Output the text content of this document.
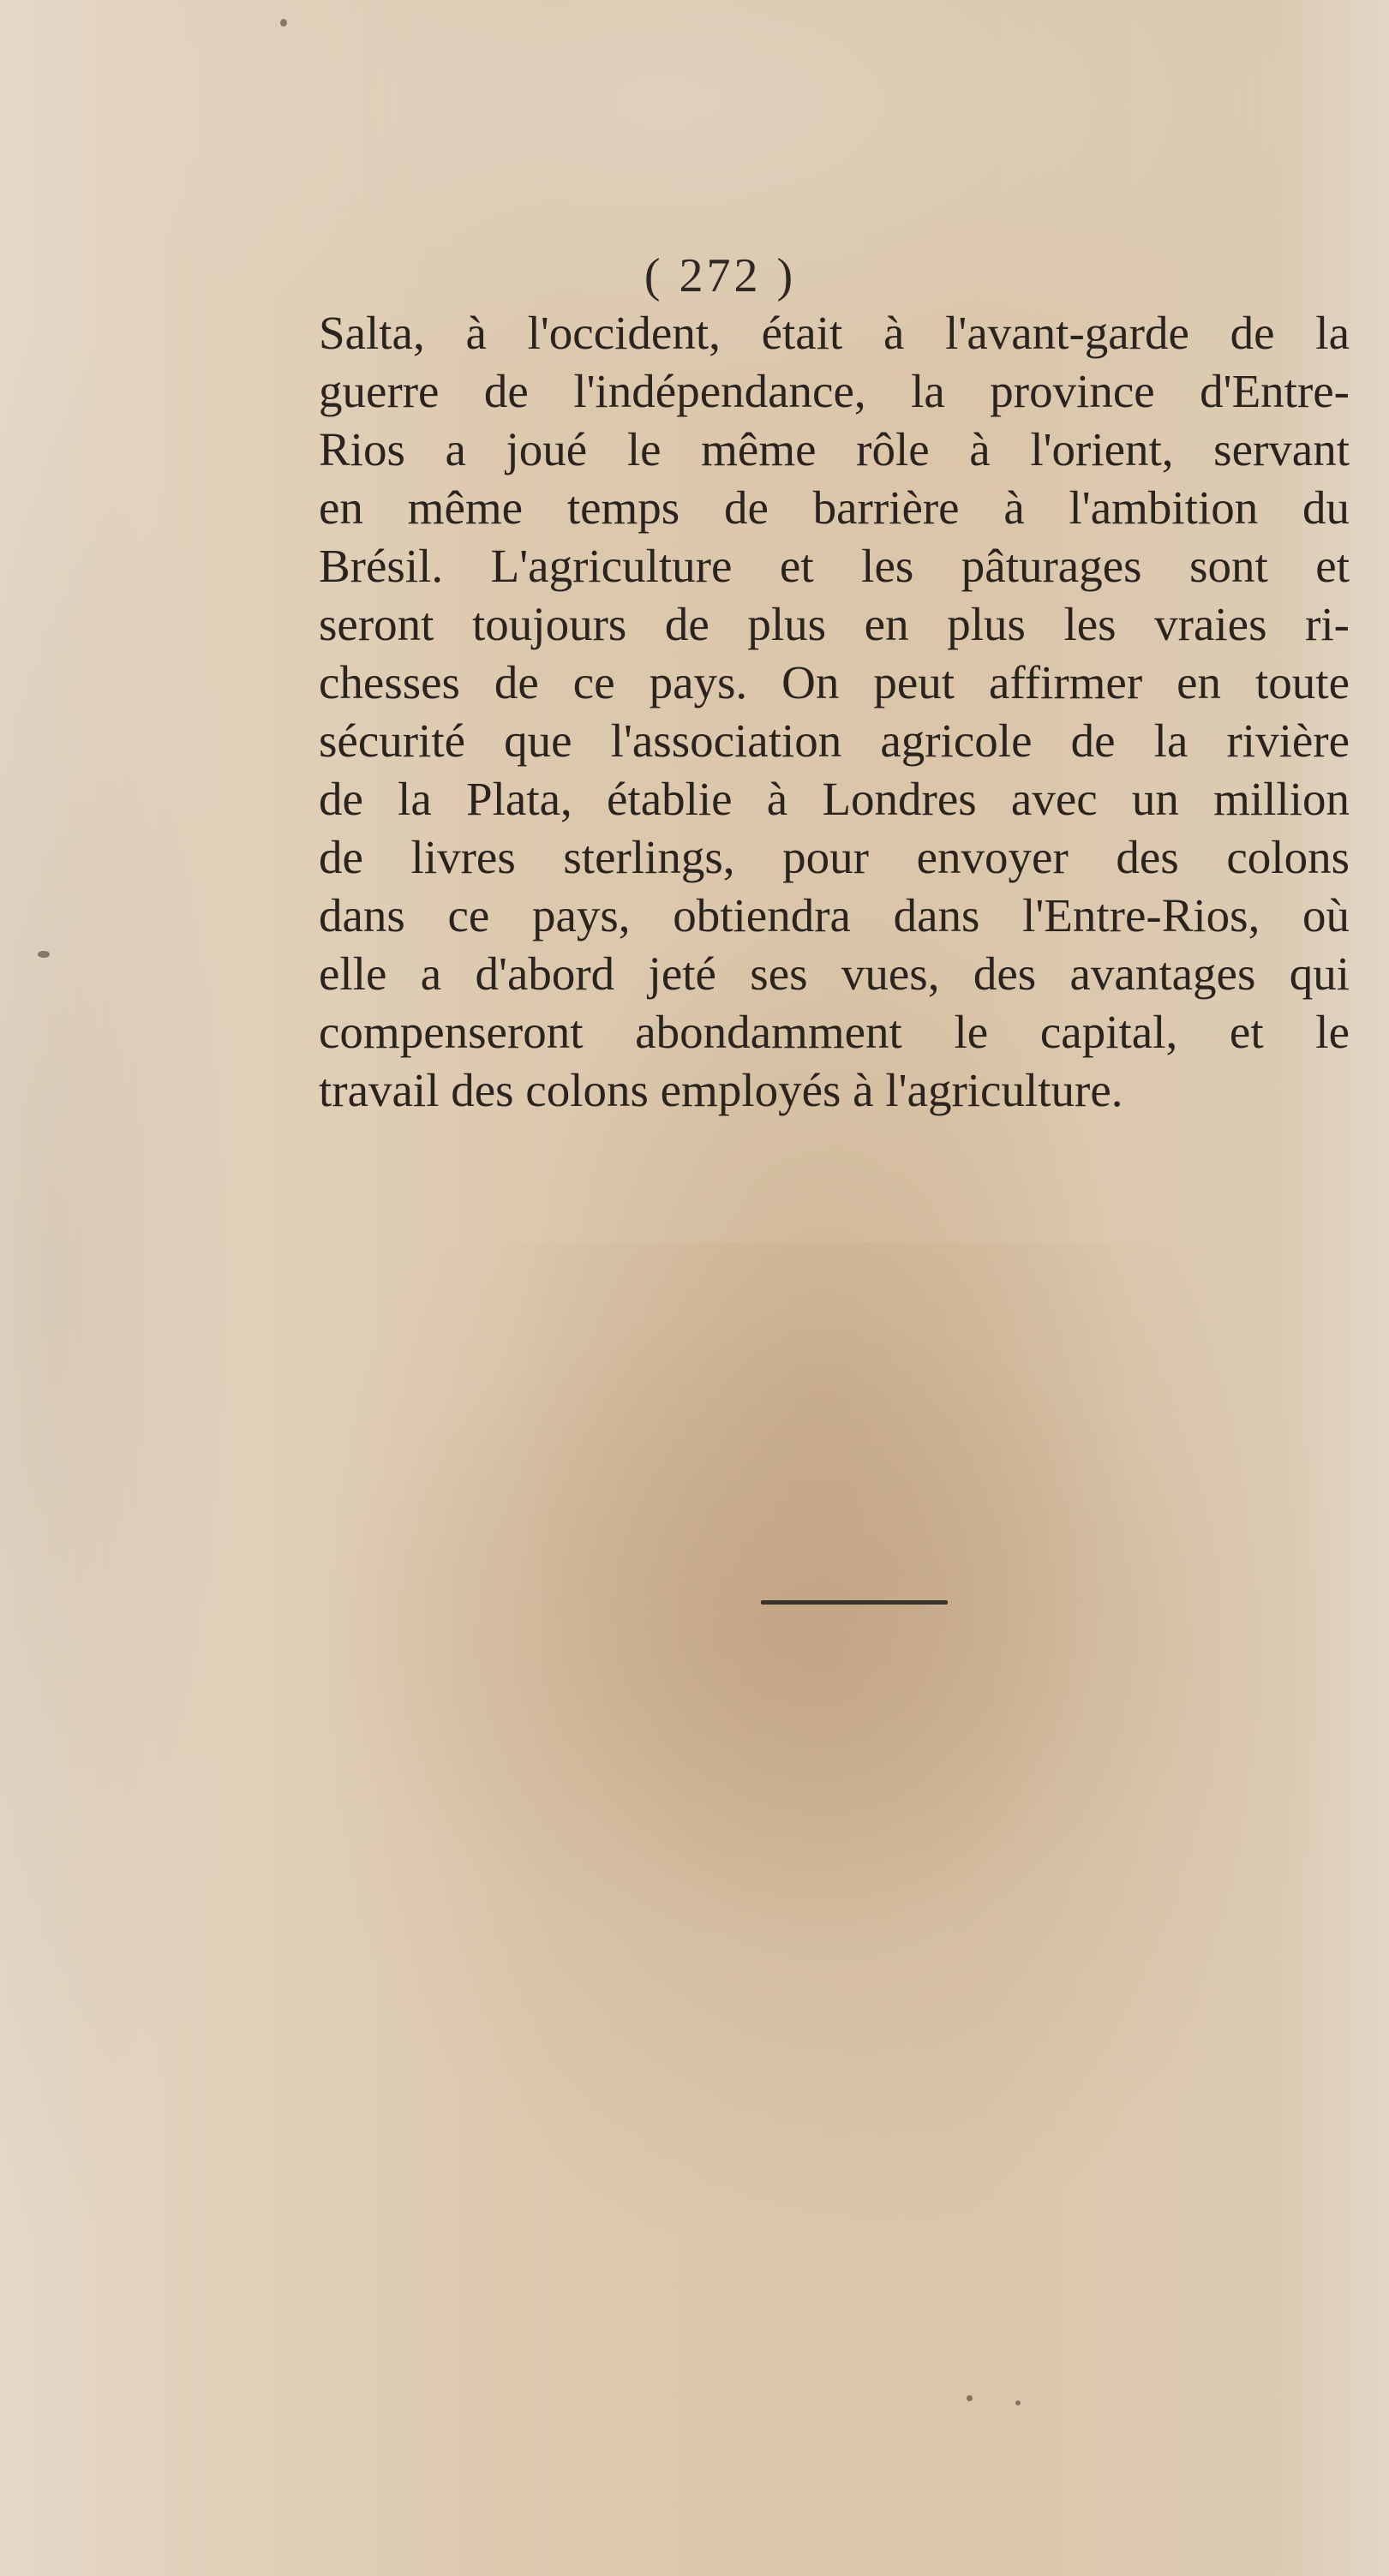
( 272 )
Salta, à l'occident, était à l'avant-garde de la
guerre de l'indépendance, la province d'Entre-
Rios a joué le même rôle à l'orient, servant
en même temps de barrière à l'ambition du
Brésil. L'agriculture et les pâturages sont et
seront toujours de plus en plus les vraies ri-
chesses de ce pays. On peut affirmer en toute
sécurité que l'association agricole de la rivière
de la Plata, établie à Londres avec un million
de livres sterlings, pour envoyer des colons
dans ce pays, obtiendra dans l'Entre-Rios, où
elle a d'abord jeté ses vues, des avantages qui
compenseront abondamment le capital, et le
travail des colons employés à l'agriculture.
